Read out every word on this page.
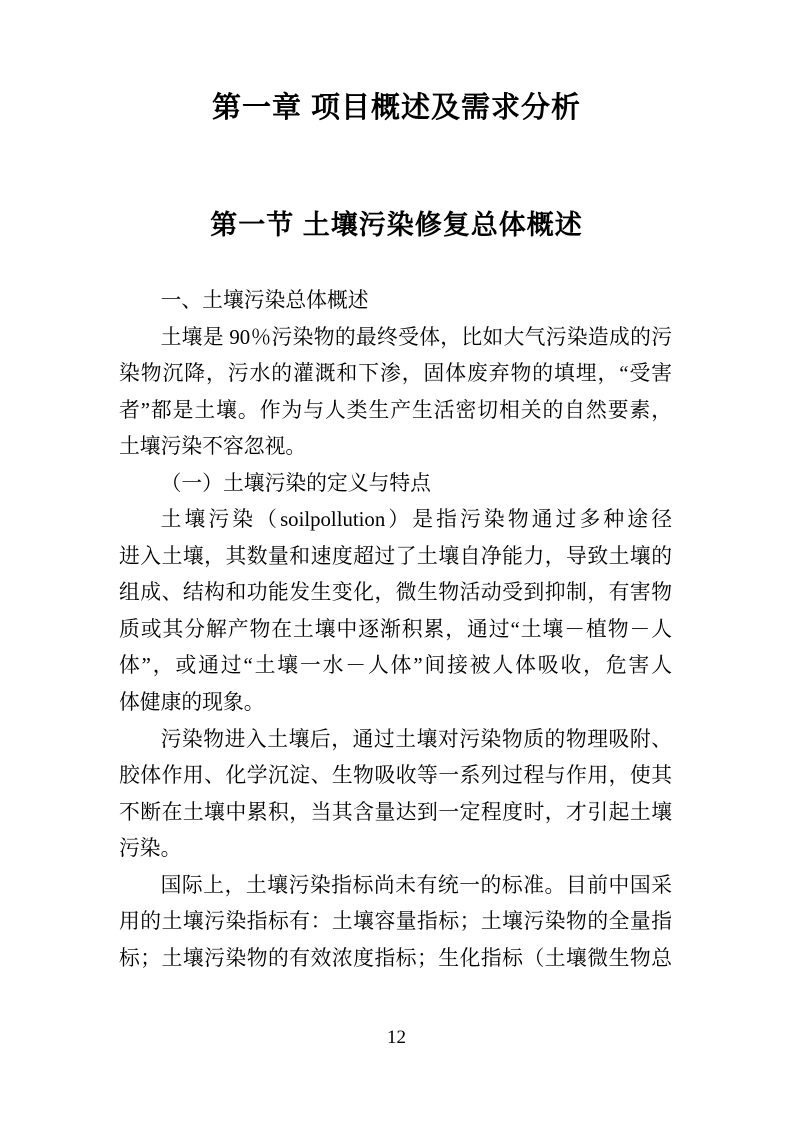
第一章 项目概述及需求分析
第一节 土壤污染修复总体概述
一、土壤污染总体概述
土壤是 90％污染物的最终受体，比如大气污染造成的污
染物沉降，污水的灌溉和下渗，固体废弃物的填埋，“受害
者”都是土壤。作为与人类生产生活密切相关的自然要素，
土壤污染不容忽视。
（一）土壤污染的定义与特点
土壤污染（soilpollution）是指污染物通过多种途径
进入土壤，其数量和速度超过了土壤自净能力，导致土壤的
组成、结构和功能发生变化，微生物活动受到抑制，有害物
质或其分解产物在土壤中逐渐积累，通过“土壤－植物－人
体”，或通过“土壤一水－人体”间接被人体吸收，危害人
体健康的现象。
污染物进入土壤后，通过土壤对污染物质的物理吸附、
胶体作用、化学沉淀、生物吸收等一系列过程与作用，使其
不断在土壤中累积，当其含量达到一定程度时，才引起土壤
污染。
国际上，土壤污染指标尚未有统一的标准。目前中国采
用的土壤污染指标有：土壤容量指标；土壤污染物的全量指
标；土壤污染物的有效浓度指标；生化指标（土壤微生物总
12
